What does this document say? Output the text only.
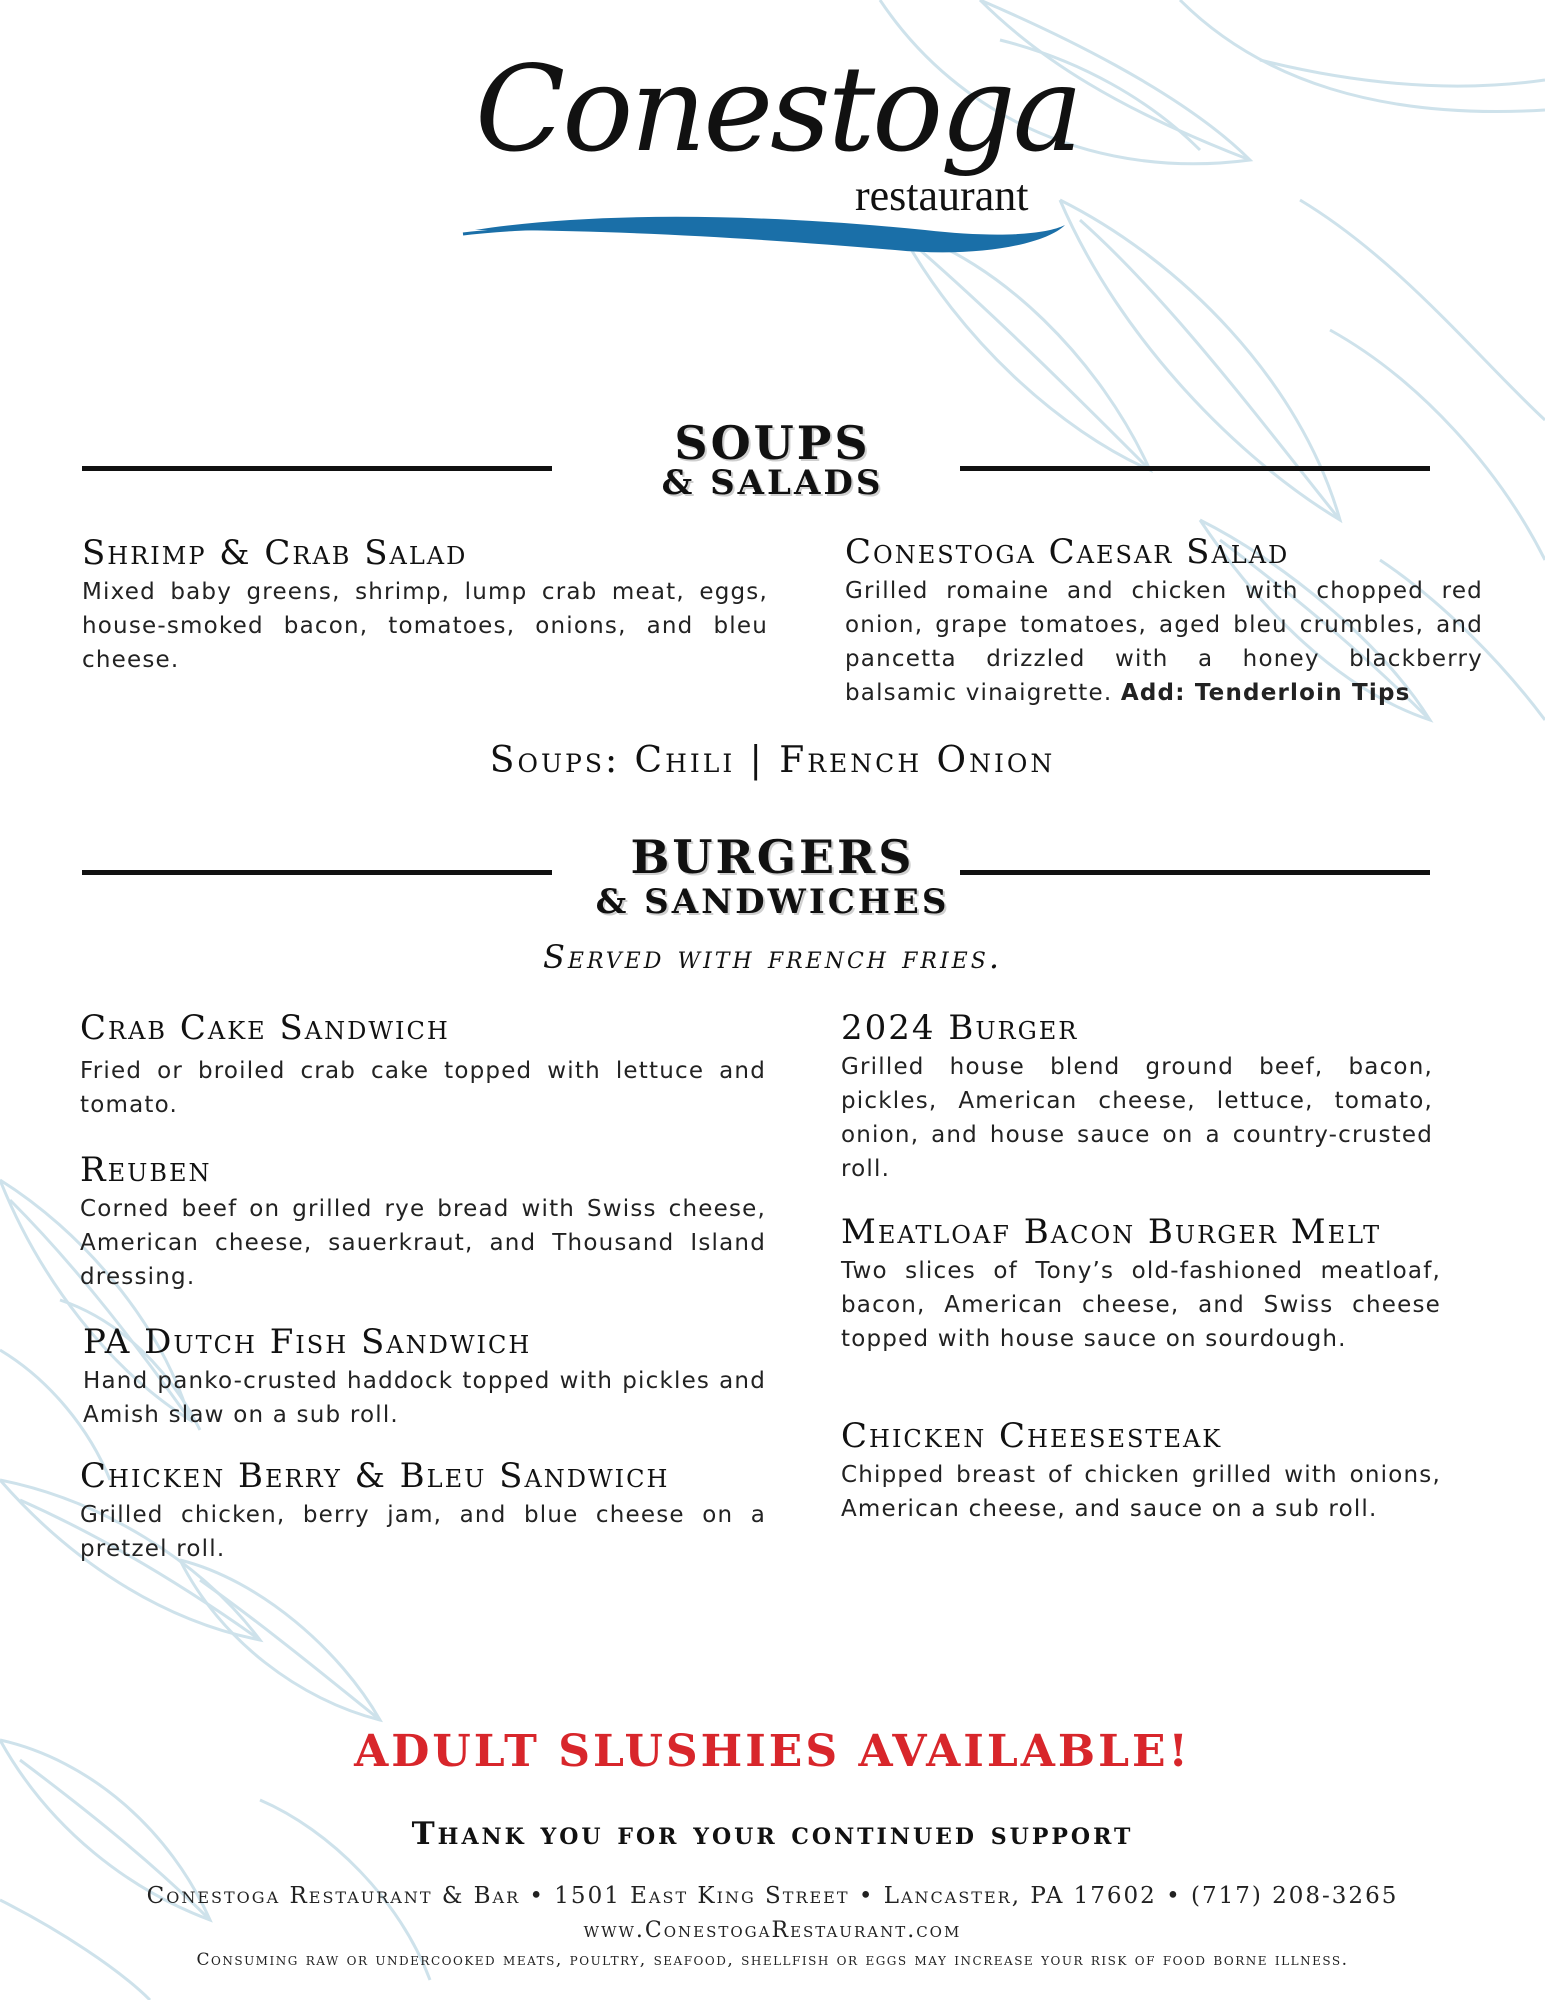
Conestoga
restaurant
SOUPS
& SALADS
Shrimp & Crab Salad
Mixed baby greens, shrimp, lump crab meat, eggs, house-smoked bacon, tomatoes, onions, and bleu cheese.
Conestoga Caesar Salad
Grilled romaine and chicken with chopped red onion, grape tomatoes, aged bleu crumbles, and pancetta drizzled with a honey blackberry balsamic vinaigrette. Add: Tenderloin Tips
Soups: Chili | French Onion
BURGERS
& SANDWICHES
Served with french fries.
Crab Cake Sandwich
Fried or broiled crab cake topped with lettuce and tomato.
Reuben
Corned beef on grilled rye bread with Swiss cheese, American cheese, sauerkraut, and Thousand Island dressing.
PA Dutch Fish Sandwich
Hand panko-crusted haddock topped with pickles and Amish slaw on a sub roll.
Chicken Berry & Bleu Sandwich
Grilled chicken, berry jam, and blue cheese on a pretzel roll.
2024 Burger
Grilled house blend ground beef, bacon, pickles, American cheese, lettuce, tomato, onion, and house sauce on a country-crusted roll.
Meatloaf Bacon Burger Melt
Two slices of Tony’s old-fashioned meatloaf, bacon, American cheese, and Swiss cheese topped with house sauce on sourdough.
Chicken Cheesesteak
Chipped breast of chicken grilled with onions, American cheese, and sauce on a sub roll.
ADULT SLUSHIES AVAILABLE!
Thank you for your continued support
Conestoga Restaurant & Bar • 1501 East King Street • Lancaster, PA 17602 • (717) 208-3265
www.ConestogaRestaurant.com
Consuming raw or undercooked meats, poultry, seafood, shellfish or eggs may increase your risk of food borne illness.
